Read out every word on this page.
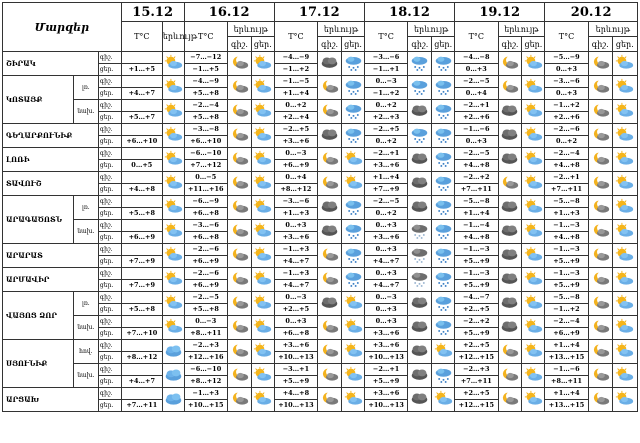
Մարզեր			15.12		16.12			17.12			18.12			19.12			20.12		
			T°C	երևույթ	T°C	երևույթ		T°C	երևույթ		T°C	երևույթ		T°C	երևույթ		T°C	երևույթ	
						գիշ.	ցեր.		գիշ.	ցեր.		գիշ.	ցեր.		գիշ.	ցեր.		գիշ.	ցեր.
ՇԻՐԱԿ		գիշ.			−7…−12			−4…−9			−3…−6			−4…−8			−5…−9	

		ցեր.	+1…+5		−1…+5			−1…+2			−1…+1			0…+3			0…+3		
ԿՈՏԱՅՔ	լռ.	գիշ.			−4…−9			−1…−5			0…−3			−2…−5			−3…−6	

		ցեր.	+4…+7		+5…+8			+1…+4			−1…+2			0…+4			0…+3		
	նախ.	գիշ.			−2…−4			0…+2			0…+2			−2…+1			−1…+2	

		ցեր.	+5…+7		+5…+8			+2…+4			+2…+3			+2…+6			+2…+6		
ԳԵՂԱՐՔՈՒՆԻՔ		գիշ.			−3…−8			−2…+5			−2…+5			−1…−6			−2…−6	

		ցեր.	+6…+10		+6…+10			+3…+6			0…+2			0…+3			0…+2		
ԼՈՌԻ		գիշ.			−6…−10			0…−3			−2…+1			−2…−5			−2…−4	

		ցեր.	0…+5		+7…+12			+6…+9			+3…+6			+4…+8			+4…+8		
ՏԱՎՈՒՇ		գիշ.			0…−5			0…+4			+1…+4			−2…+2			−2…+1	

		ցեր.	+4…+8		+11…+16			+8…+12			+7…+9			+7…+11			+7…+11		
ԱՐԱԳԱԾՈՏՆ	լռ.	գիշ.			−6…−9			−3…−6			−2…−5			−5…−8			−5…−8	

		ցեր.	+5…+8		+6…+8			+1…+3			0…+2			+1…+4			+1…+3		
	նախ.	գիշ.			−3…−6			0…+3			0…+3			−1…−4			−1…−3	

		ցեր.	+6…+9		+6…+8			+3…+6			+3…+6			+4…+8			+4…+8		
ԱՐԱՐԱՏ		գիշ.			−2…−6			−1…+3			0…+3			−1…−3			−1…−3	

		ցեր.	+7…+9		+6…+9			+4…+7			+4…+7			+5…+9			+5…+9		
ԱՐՄԱՎԻՐ		գիշ.			−2…−6			−1…+3			0…+3			−1…−3			−1…−3	

		ցեր.	+7…+9		+6…+9			+4…+7			+4…+7			+5…+9			+5…+9		
ՎԱՅՈՑ ՁՈՐ	լռ.	գիշ.			−2…−5			0…−3			0…−3			−4…−7			−5…−8	

		ցեր.	+5…+8		+5…+8			+2…+5			0…+3			+2…+5			−1…+2		
	նախ.	գիշ.			0…−3			0…+3			0…+3			−2…+2			−2…−4	

		ցեր.	+7…+10		+8…+11			+6…+8			+3…+6			+5…+9			+6…+9		
ՍՅՈՒՆԻՔ	հով.	գիշ.			−2…+3			+3…+6			+3…+6			+2…+5			+1…+4	

		ցեր.	+8…+12		+12…+16			+10…+13			+10…+13			+12…+15			+13…+15		
	նախ.	գիշ.			−6…−10			−3…+1			−2…+1			−2…+3			−1…−6	

		ցեր.	+4…+7		+8…+12			+5…+9			+5…+9			+7…+11			+8…+11		
ԱՐՑԱԽ		գիշ.			−1…+3			+4…+8			+3…+6			+2…+5			+1…+4	

		ցեր.	+7…+11		+10…+15			+10…+13			+10…+13			+12…+15			+13…+15		
